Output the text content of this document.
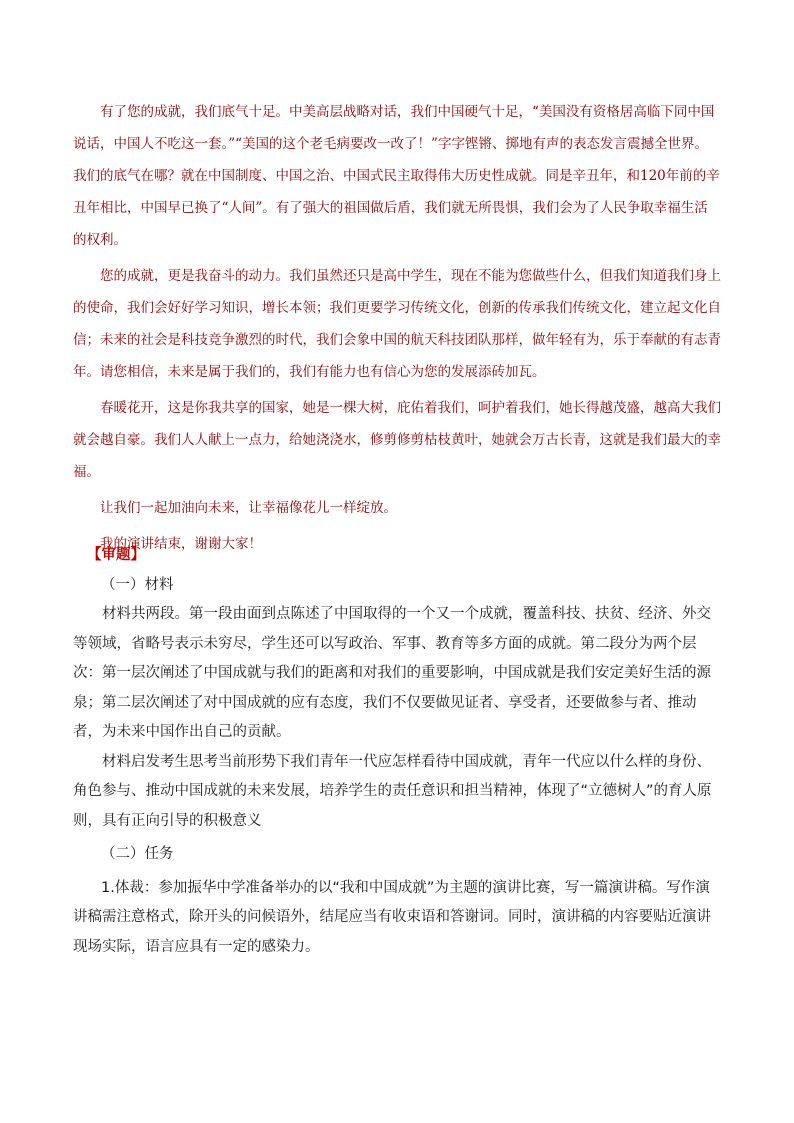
有了您的成就，我们底气十足。中美高层战略对话，我们中国硬气十足，“美国没有资格居高临下同中国说话，中国人不吃这一套。”“美国的这个老毛病要改一改了！”字字铿锵、掷地有声的表态发言震撼全世界。我们的底气在哪？就在中国制度、中国之治、中国式民主取得伟大历史性成就。同是辛丑年，和120年前的辛丑年相比，中国早已换了“人间”。有了强大的祖国做后盾，我们就无所畏惧，我们会为了人民争取幸福生活的权利。

您的成就，更是我奋斗的动力。我们虽然还只是高中学生，现在不能为您做些什么，但我们知道我们身上的使命，我们会好好学习知识，增长本领；我们更要学习传统文化，创新的传承我们传统文化，建立起文化自信；未来的社会是科技竞争激烈的时代，我们会象中国的航天科技团队那样，做年轻有为，乐于奉献的有志青年。请您相信，未来是属于我们的，我们有能力也有信心为您的发展添砖加瓦。

春暖花开，这是你我共享的国家，她是一棵大树，庇佑着我们，呵护着我们，她长得越茂盛，越高大我们就会越自豪。我们人人献上一点力，给她浇浇水，修剪修剪枯枝黄叶，她就会万古长青，这就是我们最大的幸福。

让我们一起加油向未来，让幸福像花儿一样绽放。

我的演讲结束，谢谢大家！

【审题】

（一）材料

材料共两段。第一段由面到点陈述了中国取得的一个又一个成就，覆盖科技、扶贫、经济、外交等领域，省略号表示未穷尽，学生还可以写政治、军事、教育等多方面的成就。第二段分为两个层次：第一层次阐述了中国成就与我们的距离和对我们的重要影响，中国成就是我们安定美好生活的源泉；第二层次阐述了对中国成就的应有态度，我们不仅要做见证者、享受者，还要做参与者、推动者，为未来中国作出自己的贡献。

材料启发考生思考当前形势下我们青年一代应怎样看待中国成就，青年一代应以什么样的身份、角色参与、推动中国成就的未来发展，培养学生的责任意识和担当精神，体现了“立德树人”的育人原则，具有正向引导的积极意义

（二）任务

1.体裁：参加振华中学准备举办的以“我和中国成就”为主题的演讲比赛，写一篇演讲稿。写作演讲稿需注意格式，除开头的问候语外，结尾应当有收束语和答谢词。同时，演讲稿的内容要贴近演讲现场实际，语言应具有一定的感染力。
